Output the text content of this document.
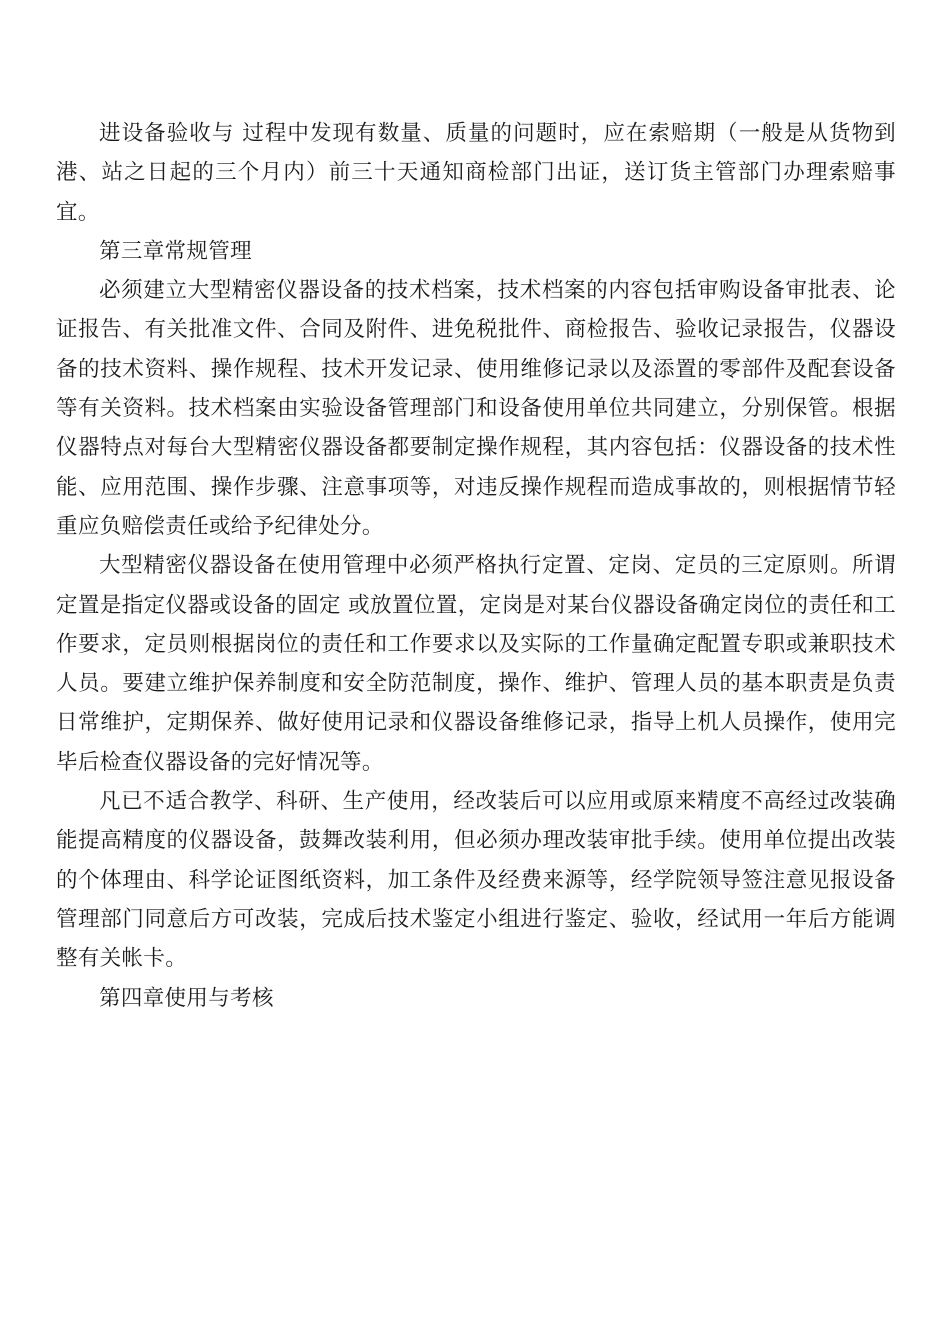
进设备验收与 过程中发现有数量、质量的问题时，应在索赔期（一般是从货物到港、站之日起的三个月内）前三十天通知商检部门出证，送订货主管部门办理索赔事宜。

第三章常规管理

必须建立大型精密仪器设备的技术档案，技术档案的内容包括审购设备审批表、论证报告、有关批准文件、合同及附件、进免税批件、商检报告、验收记录报告，仪器设备的技术资料、操作规程、技术开发记录、使用维修记录以及添置的零部件及配套设备等有关资料。技术档案由实验设备管理部门和设备使用单位共同建立，分别保管。根据仪器特点对每台大型精密仪器设备都要制定操作规程，其内容包括：仪器设备的技术性能、应用范围、操作步骤、注意事项等，对违反操作规程而造成事故的，则根据情节轻重应负赔偿责任或给予纪律处分。

大型精密仪器设备在使用管理中必须严格执行定置、定岗、定员的三定原则。所谓定置是指定仪器或设备的固定 或放置位置，定岗是对某台仪器设备确定岗位的责任和工作要求，定员则根据岗位的责任和工作要求以及实际的工作量确定配置专职或兼职技术人员。要建立维护保养制度和安全防范制度，操作、维护、管理人员的基本职责是负责日常维护，定期保养、做好使用记录和仪器设备维修记录，指导上机人员操作，使用完毕后检查仪器设备的完好情况等。

凡已不适合教学、科研、生产使用，经改装后可以应用或原来精度不高经过改装确能提高精度的仪器设备，鼓舞改装利用，但必须办理改装审批手续。使用单位提出改装的个体理由、科学论证图纸资料，加工条件及经费来源等，经学院领导签注意见报设备管理部门同意后方可改装，完成后技术鉴定小组进行鉴定、验收，经试用一年后方能调整有关帐卡。

第四章使用与考核
